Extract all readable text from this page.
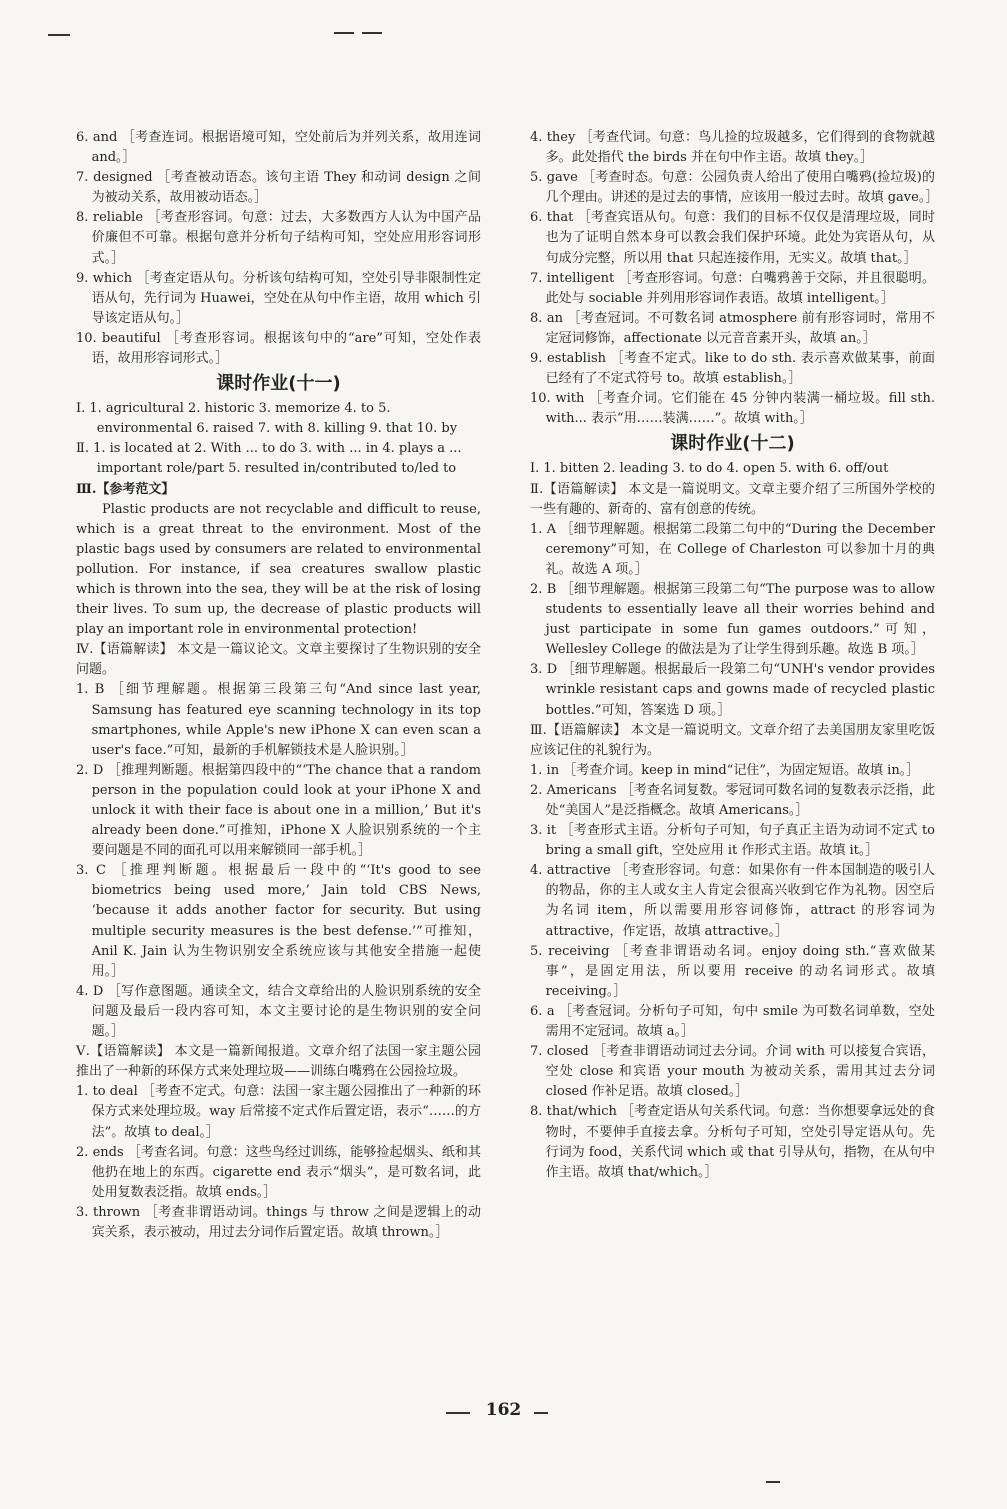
6. and ［考查连词。根据语境可知，空处前后为并列关系，故用连词 and。］

7. designed ［考查被动语态。该句主语 They 和动词 design 之间为被动关系，故用被动语态。］

8. reliable ［考查形容词。句意：过去，大多数西方人认为中国产品价廉但不可靠。根据句意并分析句子结构可知，空处应用形容词形式。］

9. which ［考查定语从句。分析该句结构可知，空处引导非限制性定语从句，先行词为 Huawei，空处在从句中作主语，故用 which 引导该定语从句。］

10. beautiful ［考查形容词。根据该句中的“are”可知，空处作表语，故用形容词形式。］

课时作业(十一)

Ⅰ. 1. agricultural 2. historic 3. memorize 4. to 5. environmental 6. raised 7. with 8. killing 9. that 10. by

Ⅱ. 1. is located at 2. With ... to do 3. with ... in 4. plays a ... important role/part 5. resulted in/contributed to/led to

Ⅲ.【参考范文】

Plastic products are not recyclable and difficult to reuse, which is a great threat to the environment. Most of the plastic bags used by consumers are related to environmental pollution. For instance, if sea creatures swallow plastic which is thrown into the sea, they will be at the risk of losing their lives. To sum up, the decrease of plastic products will play an important role in environmental protection!

Ⅳ.【语篇解读】 本文是一篇议论文。文章主要探讨了生物识别的安全问题。

1. B ［细节理解题。根据第三段第三句“And since last year, Samsung has featured eye scanning technology in its top smartphones, while Apple's new iPhone X can even scan a user's face.”可知，最新的手机解锁技术是人脸识别。］

2. D ［推理判断题。根据第四段中的“‘The chance that a random person in the population could look at your iPhone X and unlock it with their face is about one in a million,’ But it's already been done.”可推知，iPhone X 人脸识别系统的一个主要问题是不同的面孔可以用来解锁同一部手机。］

3. C ［推理判断题。根据最后一段中的“‘It's good to see biometrics being used more,’ Jain told CBS News, ‘because it adds another factor for security. But using multiple security measures is the best defense.’”可推知，Anil K. Jain 认为生物识别安全系统应该与其他安全措施一起使用。］

4. D ［写作意图题。通读全文，结合文章给出的人脸识别系统的安全问题及最后一段内容可知，本文主要讨论的是生物识别的安全问题。］

Ⅴ.【语篇解读】 本文是一篇新闻报道。文章介绍了法国一家主题公园推出了一种新的环保方式来处理垃圾——训练白嘴鸦在公园捡垃圾。

1. to deal ［考查不定式。句意：法国一家主题公园推出了一种新的环保方式来处理垃圾。way 后常接不定式作后置定语，表示“……的方法”。故填 to deal。］

2. ends ［考查名词。句意：这些鸟经过训练，能够捡起烟头、纸和其他扔在地上的东西。cigarette end 表示“烟头”，是可数名词，此处用复数表泛指。故填 ends。］

3. thrown ［考查非谓语动词。things 与 throw 之间是逻辑上的动宾关系，表示被动，用过去分词作后置定语。故填 thrown。］

4. they ［考查代词。句意：鸟儿捡的垃圾越多，它们得到的食物就越多。此处指代 the birds 并在句中作主语。故填 they。］

5. gave ［考查时态。句意：公园负责人给出了使用白嘴鸦(捡垃圾)的几个理由。讲述的是过去的事情，应该用一般过去时。故填 gave。］

6. that ［考查宾语从句。句意：我们的目标不仅仅是清理垃圾，同时也为了证明自然本身可以教会我们保护环境。此处为宾语从句，从句成分完整，所以用 that 只起连接作用，无实义。故填 that。］

7. intelligent ［考查形容词。句意：白嘴鸦善于交际，并且很聪明。此处与 sociable 并列用形容词作表语。故填 intelligent。］

8. an ［考查冠词。不可数名词 atmosphere 前有形容词时，常用不定冠词修饰，affectionate 以元音音素开头，故填 an。］

9. establish ［考查不定式。like to do sth. 表示喜欢做某事，前面已经有了不定式符号 to。故填 establish。］

10. with ［考查介词。它们能在 45 分钟内装满一桶垃圾。fill sth. with... 表示“用……装满……”。故填 with。］

课时作业(十二)

Ⅰ. 1. bitten 2. leading 3. to do 4. open 5. with 6. off/out

Ⅱ.【语篇解读】 本文是一篇说明文。文章主要介绍了三所国外学校的一些有趣的、新奇的、富有创意的传统。

1. A ［细节理解题。根据第二段第二句中的“During the December ceremony”可知，在 College of Charleston 可以参加十月的典礼。故选 A 项。］

2. B ［细节理解题。根据第三段第二句“The purpose was to allow students to essentially leave all their worries behind and just participate in some fun games outdoors.”可知，Wellesley College 的做法是为了让学生得到乐趣。故选 B 项。］

3. D ［细节理解题。根据最后一段第二句“UNH's vendor provides wrinkle resistant caps and gowns made of recycled plastic bottles.”可知，答案选 D 项。］

Ⅲ.【语篇解读】 本文是一篇说明文。文章介绍了去美国朋友家里吃饭应该记住的礼貌行为。

1. in ［考查介词。keep in mind“记住”，为固定短语。故填 in。］

2. Americans ［考查名词复数。零冠词可数名词的复数表示泛指，此处“美国人”是泛指概念。故填 Americans。］

3. it ［考查形式主语。分析句子可知，句子真正主语为动词不定式 to bring a small gift，空处应用 it 作形式主语。故填 it。］

4. attractive ［考查形容词。句意：如果你有一件本国制造的吸引人的物品，你的主人或女主人肯定会很高兴收到它作为礼物。因空后为名词 item，所以需要用形容词修饰，attract 的形容词为 attractive，作定语，故填 attractive。］

5. receiving ［考查非谓语动名词。enjoy doing sth.“喜欢做某事”，是固定用法，所以要用 receive 的动名词形式。故填 receiving。］

6. a ［考查冠词。分析句子可知，句中 smile 为可数名词单数，空处需用不定冠词。故填 a。］

7. closed ［考查非谓语动词过去分词。介词 with 可以接复合宾语，空处 close 和宾语 your mouth 为被动关系，需用其过去分词 closed 作补足语。故填 closed。］

8. that/which ［考查定语从句关系代词。句意：当你想要拿远处的食物时，不要伸手直接去拿。分析句子可知，空处引导定语从句。先行词为 food，关系代词 which 或 that 引导从句，指物，在从句中作主语。故填 that/which。］

162
